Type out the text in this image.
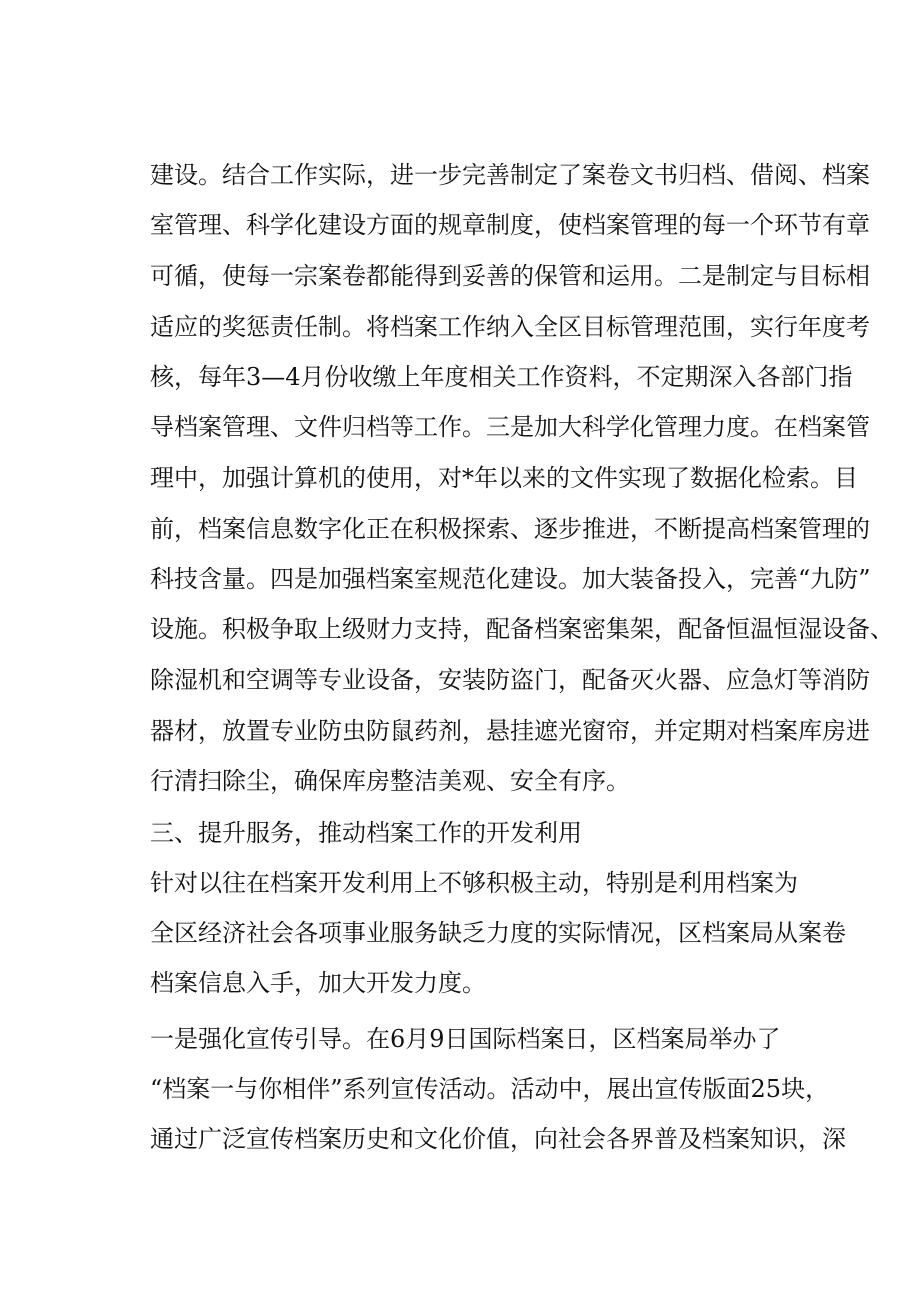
建设。结合工作实际，进一步完善制定了案卷文书归档、借阅、档案
室管理、科学化建设方面的规章制度，使档案管理的每一个环节有章
可循，使每一宗案卷都能得到妥善的保管和运用。二是制定与目标相
适应的奖惩责任制。将档案工作纳入全区目标管理范围，实行年度考
核，每年3—4月份收缴上年度相关工作资料，不定期深入各部门指
导档案管理、文件归档等工作。三是加大科学化管理力度。在档案管
理中，加强计算机的使用，对*年以来的文件实现了数据化检索。目
前，档案信息数字化正在积极探索、逐步推进，不断提高档案管理的
科技含量。四是加强档案室规范化建设。加大装备投入，完善“九防”
设施。积极争取上级财力支持，配备档案密集架，配备恒温恒湿设备、
除湿机和空调等专业设备，安装防盗门，配备灭火器、应急灯等消防
器材，放置专业防虫防鼠药剂，悬挂遮光窗帘，并定期对档案库房进
行清扫除尘，确保库房整洁美观、安全有序。
三、提升服务，推动档案工作的开发利用
针对以往在档案开发利用上不够积极主动，特别是利用档案为
全区经济社会各项事业服务缺乏力度的实际情况，区档案局从案卷
档案信息入手，加大开发力度。
一是强化宣传引导。在6月9日国际档案日，区档案局举办了
“档案一与你相伴”系列宣传活动。活动中，展出宣传版面25块，
通过广泛宣传档案历史和文化价值，向社会各界普及档案知识，深
